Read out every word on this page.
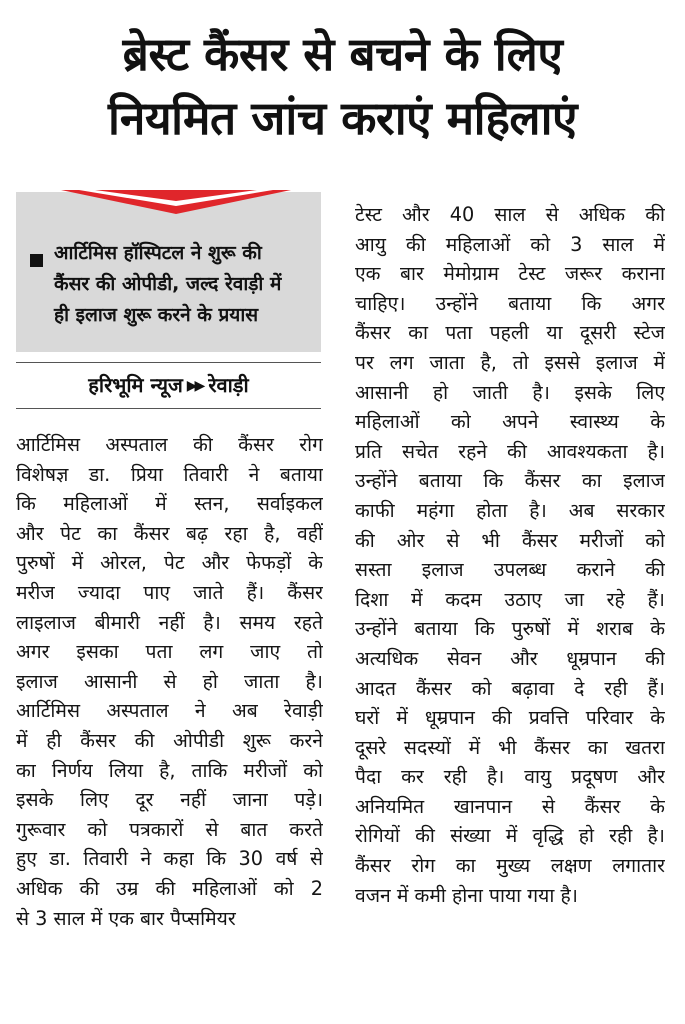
ब्रेस्ट कैंसर से बचने के लिए
नियमित जांच कराएं महिलाएं
आर्टिमिस हॉस्पिटल ने शुरू की
कैंसर की ओपीडी, जल्द रेवाड़ी में
ही इलाज शुरू करने के प्रयास
हरिभूमि न्यूज ▶▶ रेवाड़ी
आर्टिमिस अस्पताल की कैंसर रोग
विशेषज्ञ डा. प्रिया तिवारी ने बताया
कि महिलाओं में स्तन, सर्वाइकल
और पेट का कैंसर बढ़ रहा है, वहीं
पुरुषों में ओरल, पेट और फेफड़ों के
मरीज ज्यादा पाए जाते हैं। कैंसर
लाइलाज बीमारी नहीं है। समय रहते
अगर इसका पता लग जाए तो
इलाज आसानी से हो जाता है।
आर्टिमिस अस्पताल ने अब रेवाड़ी
में ही कैंसर की ओपीडी शुरू करने
का निर्णय लिया है, ताकि मरीजों को
इसके लिए दूर नहीं जाना पड़े।
गुरूवार को पत्रकारों से बात करते
हुए डा. तिवारी ने कहा कि 30 वर्ष से
अधिक की उम्र की महिलाओं को 2
से 3 साल में एक बार पैप्समियर
टेस्ट और 40 साल से अधिक की
आयु की महिलाओं को 3 साल में
एक बार मेमोग्राम टेस्ट जरूर कराना
चाहिए। उन्होंने बताया कि अगर
कैंसर का पता पहली या दूसरी स्टेज
पर लग जाता है, तो इससे इलाज में
आसानी हो जाती है। इसके लिए
महिलाओं को अपने स्वास्थ्य के
प्रति सचेत रहने की आवश्यकता है।
उन्होंने बताया कि कैंसर का इलाज
काफी महंगा होता है। अब सरकार
की ओर से भी कैंसर मरीजों को
सस्ता इलाज उपलब्ध कराने की
दिशा में कदम उठाए जा रहे हैं।
उन्होंने बताया कि पुरुषों में शराब के
अत्यधिक सेवन और धूम्रपान की
आदत कैंसर को बढ़ावा दे रही हैं।
घरों में धूम्रपान की प्रवत्ति परिवार के
दूसरे सदस्यों में भी कैंसर का खतरा
पैदा कर रही है। वायु प्रदूषण और
अनियमित खानपान से कैंसर के
रोगियों की संख्या में वृद्धि हो रही है।
कैंसर रोग का मुख्य लक्षण लगातार
वजन में कमी होना पाया गया है।
